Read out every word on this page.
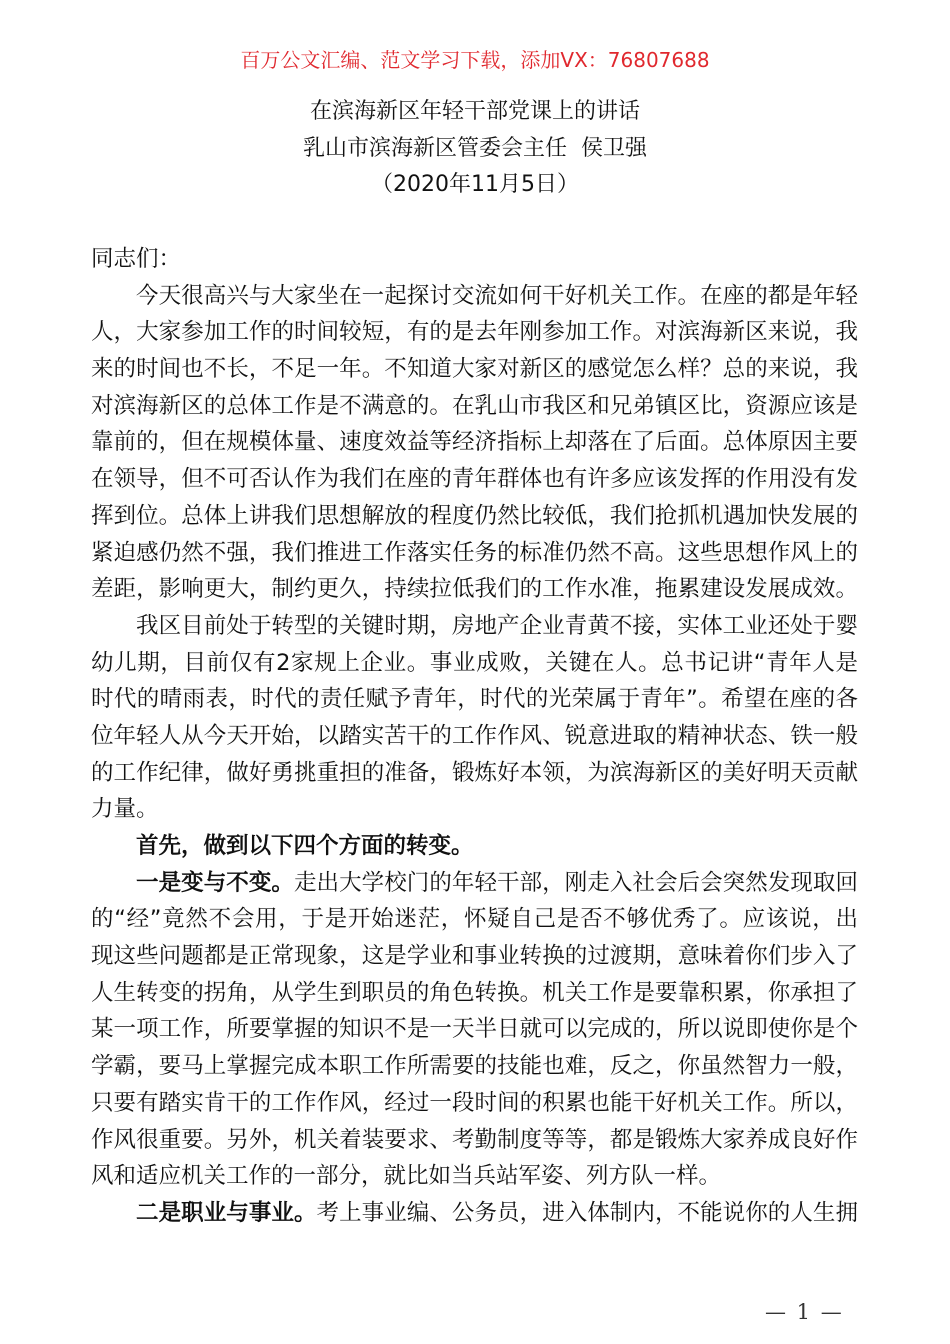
百万公文汇编、范文学习下载，添加VX：76807688
在滨海新区年轻干部党课上的讲话
乳山市滨海新区管委会主任  侯卫强
（2020年11月5日）
同志们：
今天很高兴与大家坐在一起探讨交流如何干好机关工作。在座的都是年轻
人，大家参加工作的时间较短，有的是去年刚参加工作。对滨海新区来说，我
来的时间也不长，不足一年。不知道大家对新区的感觉怎么样？总的来说，我
对滨海新区的总体工作是不满意的。在乳山市我区和兄弟镇区比，资源应该是
靠前的，但在规模体量、速度效益等经济指标上却落在了后面。总体原因主要
在领导，但不可否认作为我们在座的青年群体也有许多应该发挥的作用没有发
挥到位。总体上讲我们思想解放的程度仍然比较低，我们抢抓机遇加快发展的
紧迫感仍然不强，我们推进工作落实任务的标准仍然不高。这些思想作风上的
差距，影响更大，制约更久，持续拉低我们的工作水准，拖累建设发展成效。
我区目前处于转型的关键时期，房地产企业青黄不接，实体工业还处于婴
幼儿期，目前仅有2家规上企业。事业成败，关键在人。总书记讲“青年人是
时代的晴雨表，时代的责任赋予青年，时代的光荣属于青年”。希望在座的各
位年轻人从今天开始，以踏实苦干的工作作风、锐意进取的精神状态、铁一般
的工作纪律，做好勇挑重担的准备，锻炼好本领，为滨海新区的美好明天贡献
力量。
首先，做到以下四个方面的转变。
一是变与不变。走出大学校门的年轻干部，刚走入社会后会突然发现取回
的“经”竟然不会用，于是开始迷茫，怀疑自己是否不够优秀了。应该说，出
现这些问题都是正常现象，这是学业和事业转换的过渡期，意味着你们步入了
人生转变的拐角，从学生到职员的角色转换。机关工作是要靠积累，你承担了
某一项工作，所要掌握的知识不是一天半日就可以完成的，所以说即使你是个
学霸，要马上掌握完成本职工作所需要的技能也难，反之，你虽然智力一般，
只要有踏实肯干的工作作风，经过一段时间的积累也能干好机关工作。所以，
作风很重要。另外，机关着装要求、考勤制度等等，都是锻炼大家养成良好作
风和适应机关工作的一部分，就比如当兵站军姿、列方队一样。
二是职业与事业。考上事业编、公务员，进入体制内，不能说你的人生拥
— 1 —
